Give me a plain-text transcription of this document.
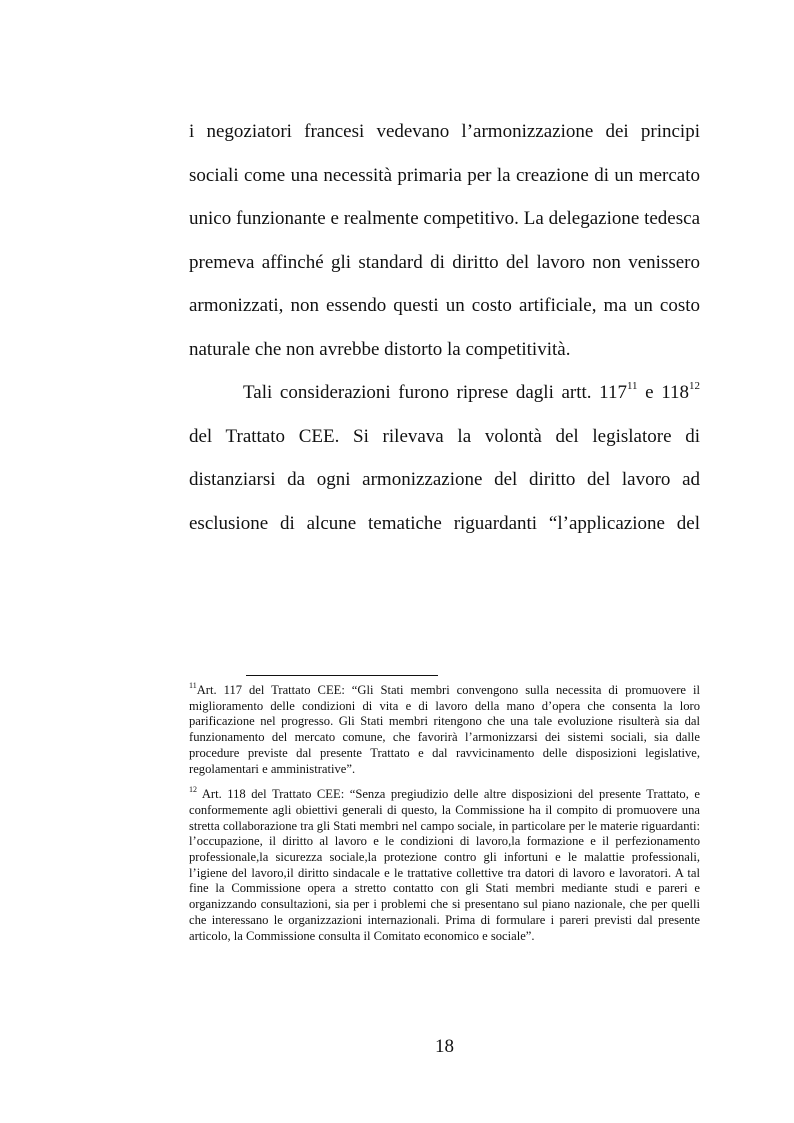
i negoziatori francesi vedevano l’armonizzazione dei principi
sociali come una necessità primaria per la creazione di un mercato
unico funzionante e realmente competitivo. La delegazione tedesca
premeva affinché gli standard di diritto del lavoro non venissero
armonizzati, non essendo questi un costo artificiale, ma un costo
naturale che non avrebbe distorto la competitività.
Tali considerazioni furono riprese dagli artt. $117^{11}$ e $118^{12}$
del Trattato CEE. Si rilevava la volontà del legislatore di
distanziarsi da ogni armonizzazione del diritto del lavoro ad
esclusione di alcune tematiche riguardanti “l’applicazione del
$^{11}$Art. 117 del Trattato CEE: “Gli Stati membri convengono sulla necessita di promuovere il miglioramento delle condizioni di vita e di lavoro della mano d’opera che consenta la loro parificazione nel progresso. Gli Stati membri ritengono che una tale evoluzione risulterà sia dal funzionamento del mercato comune, che favorirà l’armonizzarsi dei sistemi sociali, sia dalle procedure previste dal presente Trattato e dal ravvicinamento delle disposizioni legislative, regolamentari e amministrative”.
$^{12}$ Art. 118 del Trattato CEE: “Senza pregiudizio delle altre disposizioni del presente Trattato, e conformemente agli obiettivi generali di questo, la Commissione ha il compito di promuovere una stretta collaborazione tra gli Stati membri nel campo sociale, in particolare per le materie riguardanti: l’occupazione, il diritto al lavoro e le condizioni di lavoro,la formazione e il perfezionamento professionale,la sicurezza sociale,la protezione contro gli infortuni e le malattie professionali, l’igiene del lavoro,il diritto sindacale e le trattative collettive tra datori di lavoro e lavoratori. A tal fine la Commissione opera a stretto contatto con gli Stati membri mediante studi e pareri e organizzando consultazioni, sia per i problemi che si presentano sul piano nazionale, che per quelli che interessano le organizzazioni internazionali. Prima di formulare i pareri previsti dal presente articolo, la Commissione consulta il Comitato economico e sociale”.
18
